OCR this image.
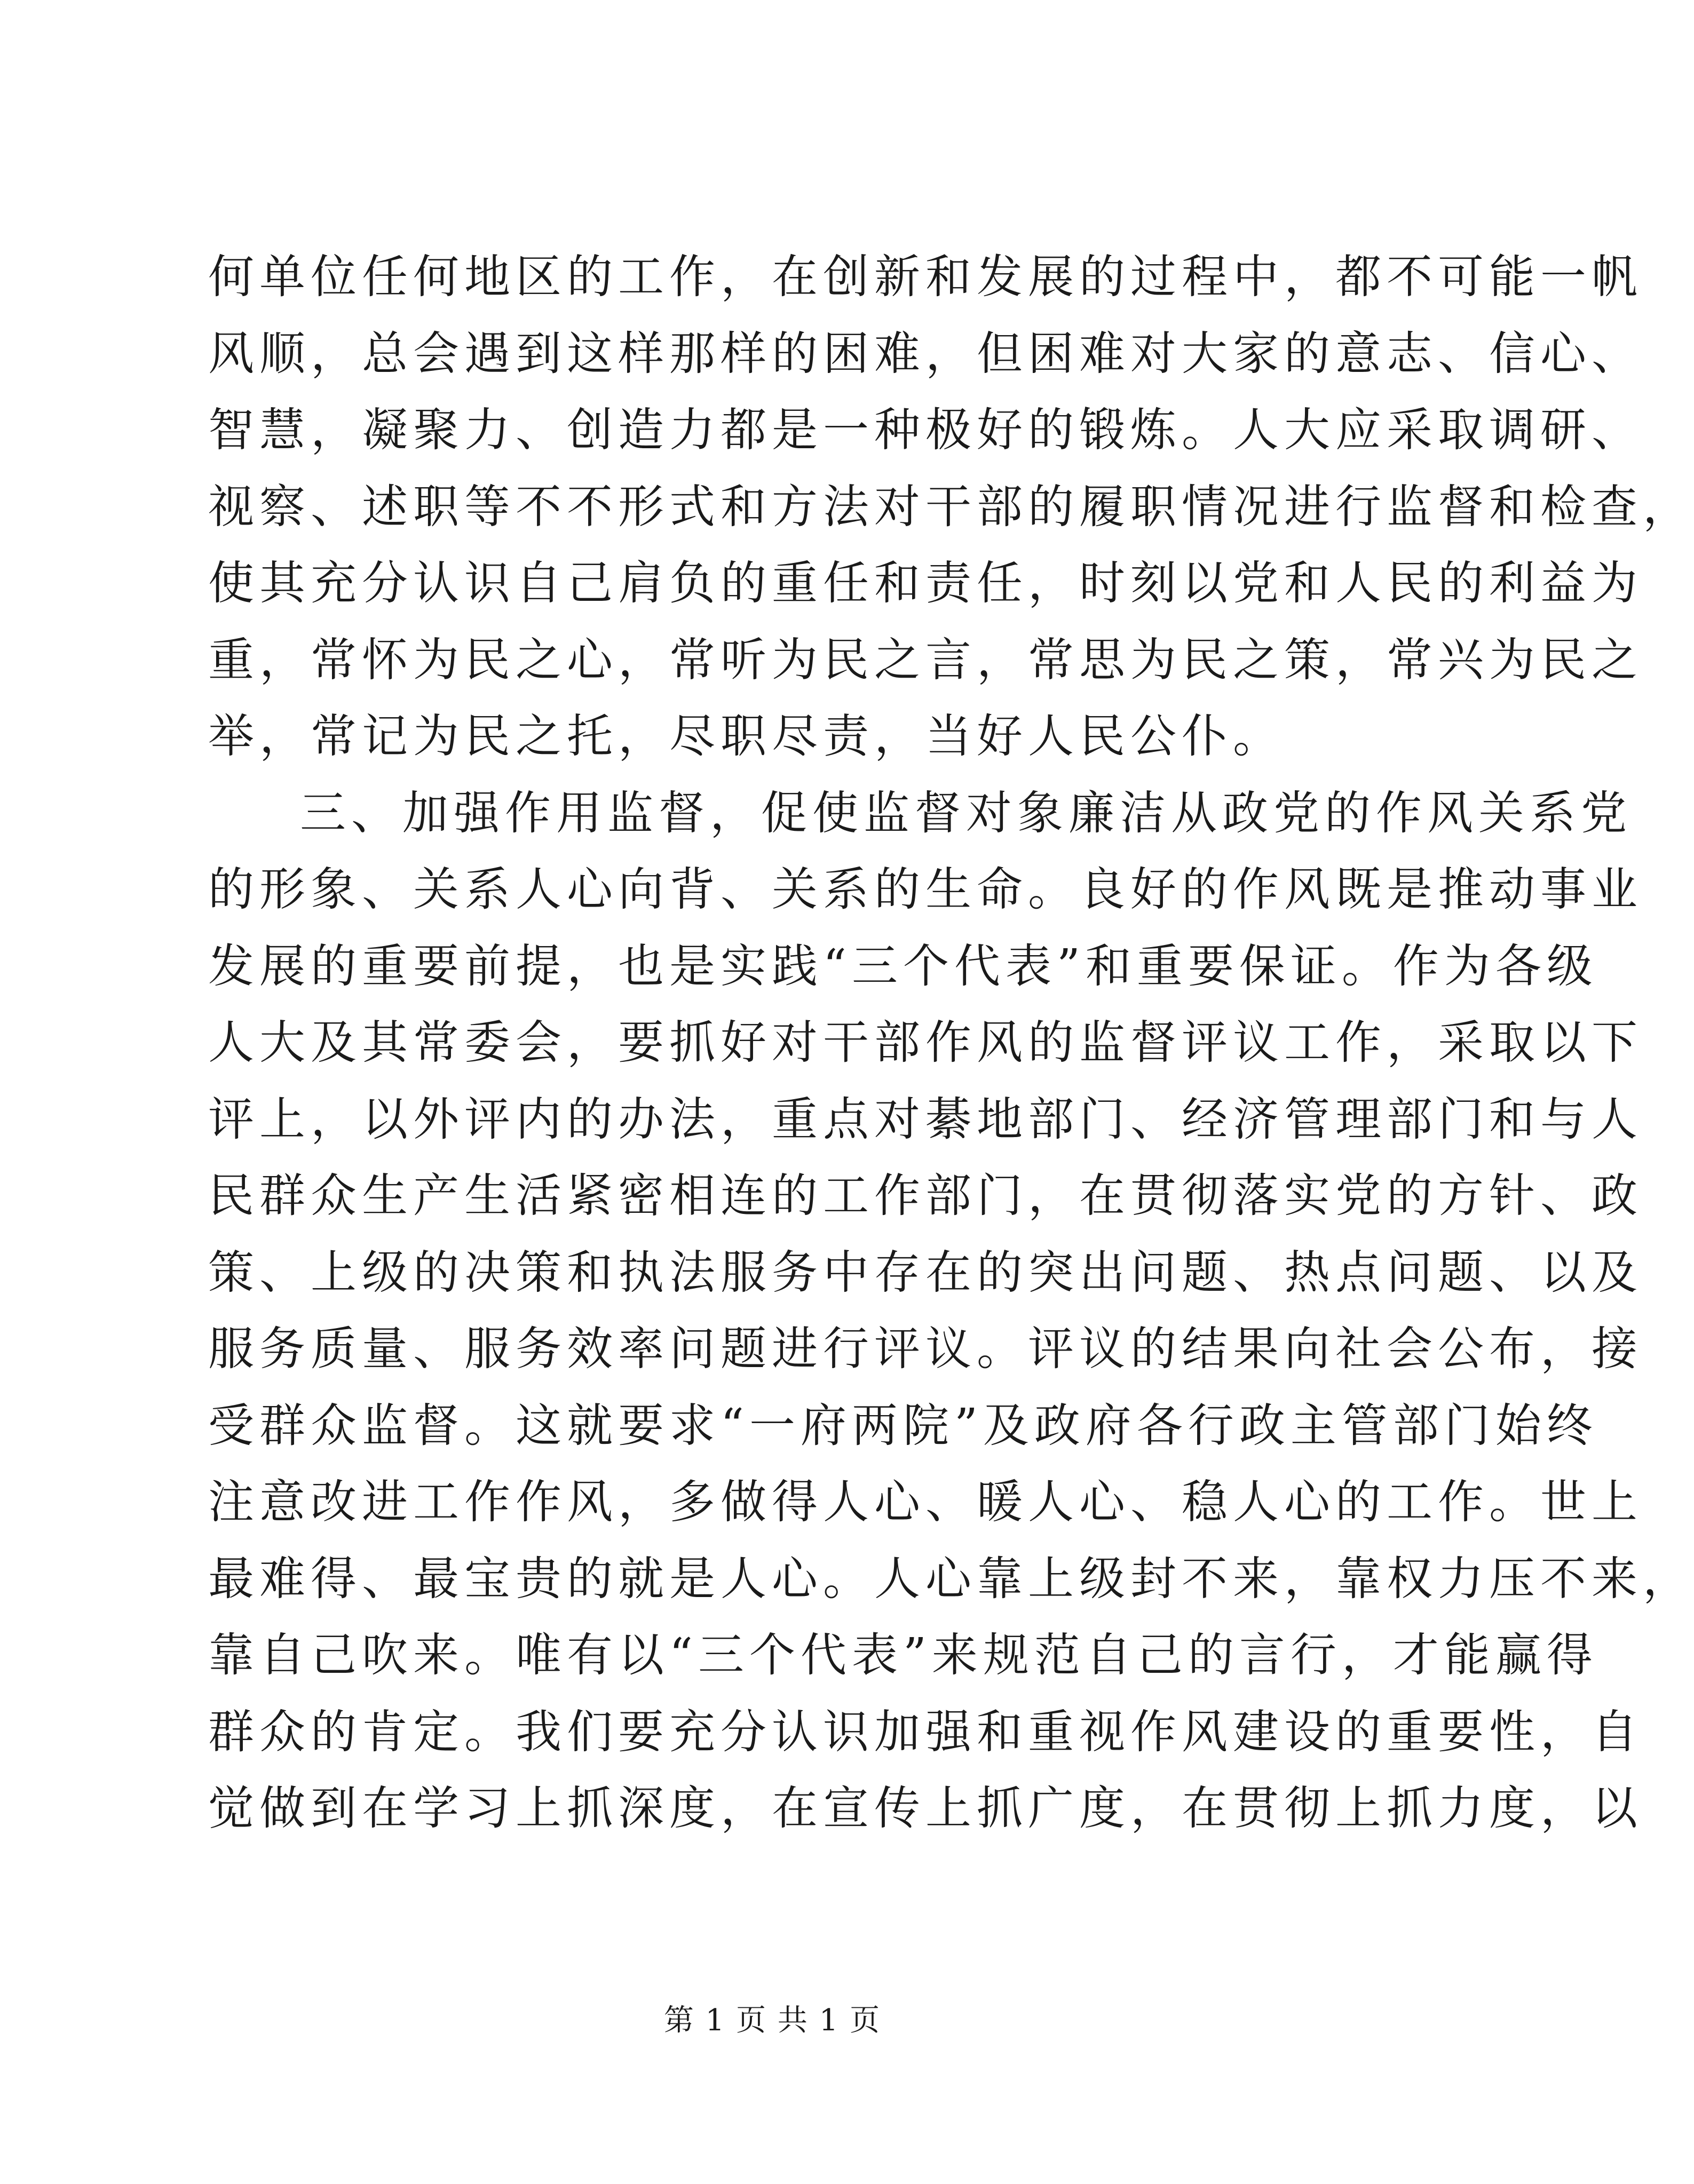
何单位任何地区的工作，在创新和发展的过程中，都不可能一帆
风顺，总会遇到这样那样的困难，但困难对大家的意志、信心、
智慧，凝聚力、创造力都是一种极好的锻炼。人大应采取调研、
视察、述职等不不形式和方法对干部的履职情况进行监督和检查，
使其充分认识自己肩负的重任和责任，时刻以党和人民的利益为
重，常怀为民之心，常听为民之言，常思为民之策，常兴为民之
举，常记为民之托，尽职尽责，当好人民公仆。
三、加强作用监督，促使监督对象廉洁从政党的作风关系党
的形象、关系人心向背、关系的生命。良好的作风既是推动事业
发展的重要前提，也是实践“三个代表”和重要保证。作为各级
人大及其常委会，要抓好对干部作风的监督评议工作，采取以下
评上，以外评内的办法，重点对綦地部门、经济管理部门和与人
民群众生产生活紧密相连的工作部门，在贯彻落实党的方针、政
策、上级的决策和执法服务中存在的突出问题、热点问题、以及
服务质量、服务效率问题进行评议。评议的结果向社会公布，接
受群众监督。这就要求“一府两院”及政府各行政主管部门始终
注意改进工作作风，多做得人心、暖人心、稳人心的工作。世上
最难得、最宝贵的就是人心。人心靠上级封不来，靠权力压不来，
靠自己吹来。唯有以“三个代表”来规范自己的言行，才能赢得
群众的肯定。我们要充分认识加强和重视作风建设的重要性，自
觉做到在学习上抓深度，在宣传上抓广度，在贯彻上抓力度，以
第 1 页 共 1 页
